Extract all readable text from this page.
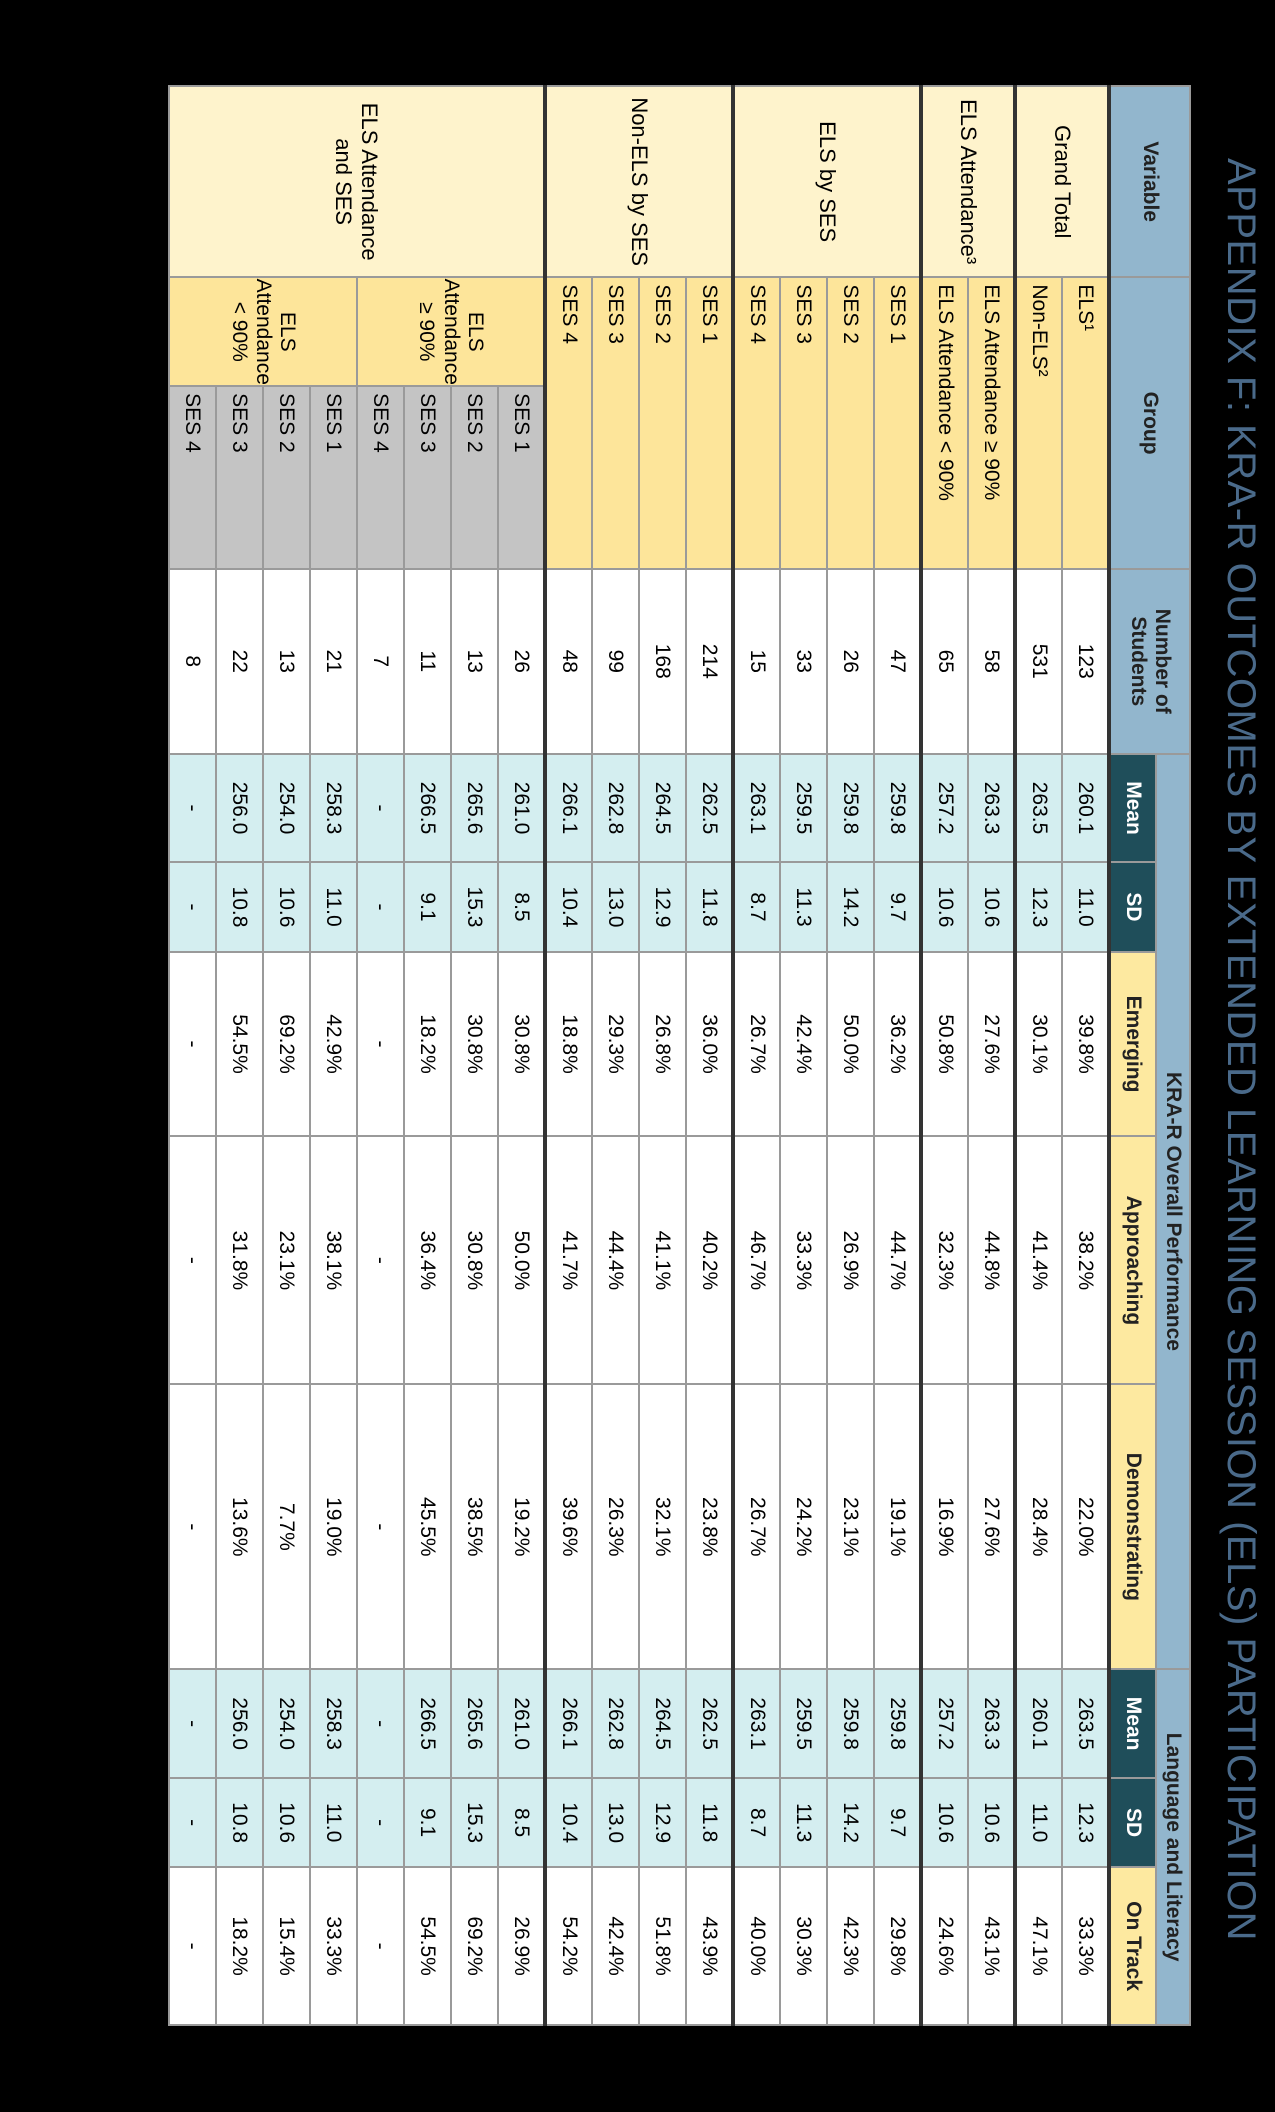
APPENDIX F: KRA-R OUTCOMES BY EXTENDED LEARNING SESSION (ELS) PARTICIPATION
Variable	Group		Number of Students	KRA-R Overall Performance					Language and Literacy		
				Mean	SD	Emerging	Approaching	Demonstrating	Mean	SD	On Track
Grand Total	ELS¹		123	260.1	11.0	39.8%	38.2%	22.0%	263.5	12.3	33.3%
	Non-ELS²		531	263.5	12.3	30.1%	41.4%	28.4%	260.1	11.0	47.1%
ELS Attendance³	ELS Attendance ≥ 90%		58	263.3	10.6	27.6%	44.8%	27.6%	263.3	10.6	43.1%
	ELS Attendance < 90%		65	257.2	10.6	50.8%	32.3%	16.9%	257.2	10.6	24.6%
ELS by SES	SES 1		47	259.8	9.7	36.2%	44.7%	19.1%	259.8	9.7	29.8%
	SES 2		26	259.8	14.2	50.0%	26.9%	23.1%	259.8	14.2	42.3%
	SES 3		33	259.5	11.3	42.4%	33.3%	24.2%	259.5	11.3	30.3%
	SES 4		15	263.1	8.7	26.7%	46.7%	26.7%	263.1	8.7	40.0%
Non-ELS by SES	SES 1		214	262.5	11.8	36.0%	40.2%	23.8%	262.5	11.8	43.9%
	SES 2		168	264.5	12.9	26.8%	41.1%	32.1%	264.5	12.9	51.8%
	SES 3		99	262.8	13.0	29.3%	44.4%	26.3%	262.8	13.0	42.4%
	SES 4		48	266.1	10.4	18.8%	41.7%	39.6%	266.1	10.4	54.2%
ELS Attendance and SES	ELS Attendance ≥ 90%	SES 1	26	261.0	8.5	30.8%	50.0%	19.2%	261.0	8.5	26.9%
		SES 2	13	265.6	15.3	30.8%	30.8%	38.5%	265.6	15.3	69.2%
		SES 3	11	266.5	9.1	18.2%	36.4%	45.5%	266.5	9.1	54.5%
		SES 4	7	-	-	-	-	-	-	-	-
	ELS Attendance < 90%	SES 1	21	258.3	11.0	42.9%	38.1%	19.0%	258.3	11.0	33.3%
		SES 2	13	254.0	10.6	69.2%	23.1%	7.7%	254.0	10.6	15.4%
		SES 3	22	256.0	10.8	54.5%	31.8%	13.6%	256.0	10.8	18.2%
		SES 4	8	-	-	-	-	-	-	-	-
